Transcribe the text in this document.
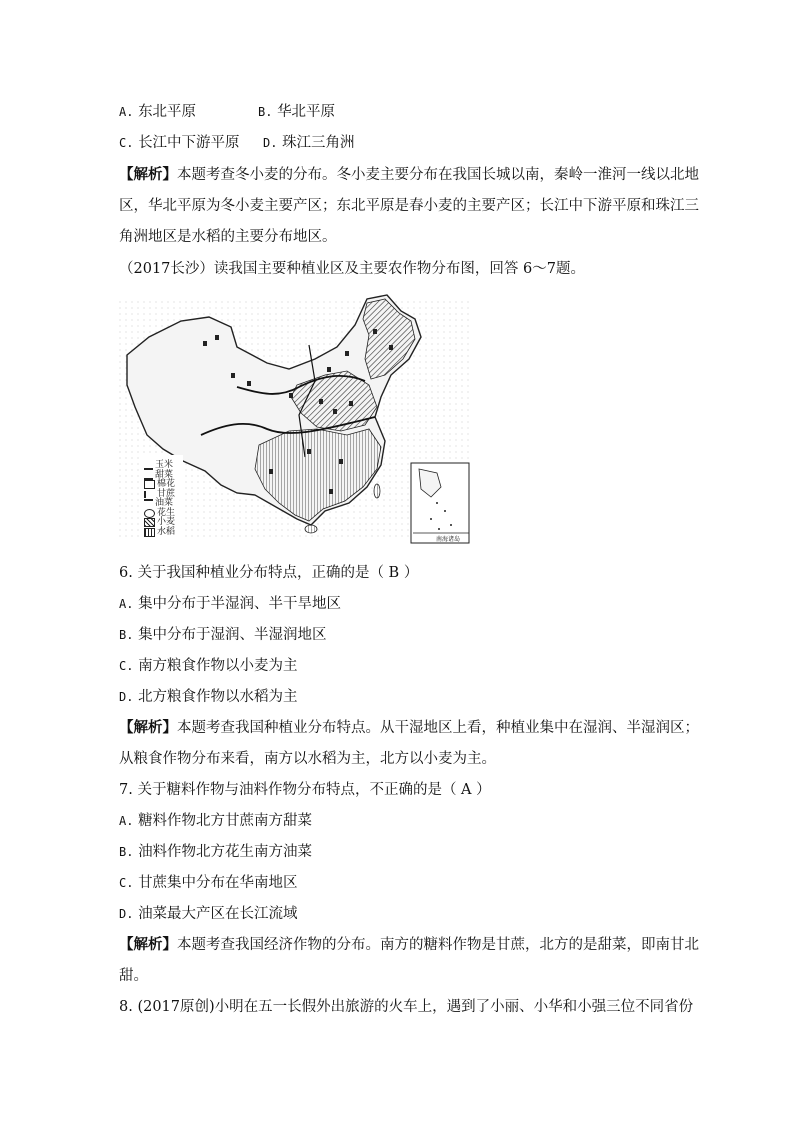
A. 东北平原	B. 华北平原
C. 长江中下游平原 D. 珠江三角洲
【解析】本题考查冬小麦的分布。冬小麦主要分布在我国长城以南，秦岭一淮河一线以北地
区，华北平原为冬小麦主要产区；东北平原是春小麦的主要产区；长江中下游平原和珠江三
角洲地区是水稻的主要分布地区。
（2017长沙）读我国主要种植业区及主要农作物分布图，回答 6～7题。
玉米
甜菜
棉花
甘蔗
油菜
花生
小麦
水稻
南海诸岛
6. 关于我国种植业分布特点，正确的是（ B ）
A. 集中分布于半湿润、半干旱地区
B. 集中分布于湿润、半湿润地区
C. 南方粮食作物以小麦为主
D. 北方粮食作物以水稻为主
【解析】本题考查我国种植业分布特点。从干湿地区上看，种植业集中在湿润、半湿润区；
从粮食作物分布来看，南方以水稻为主，北方以小麦为主。
7. 关于糖料作物与油料作物分布特点，不正确的是（ A ）
A. 糖料作物北方甘蔗南方甜菜
B. 油料作物北方花生南方油菜
C. 甘蔗集中分布在华南地区
D. 油菜最大产区在长江流域
【解析】本题考查我国经济作物的分布。南方的糖料作物是甘蔗，北方的是甜菜，即南甘北
甜。
8. (2017原创)小明在五一长假外出旅游的火车上，遇到了小丽、小华和小强三位不同省份
